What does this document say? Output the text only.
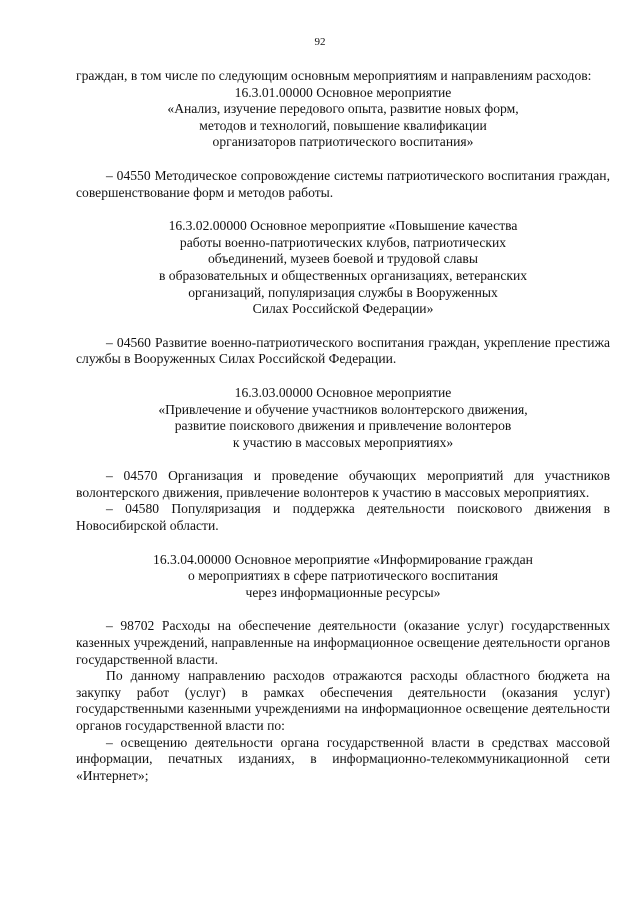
92

граждан, в том числе по следующим основным мероприятиям и направлениям расходов:

16.3.01.00000 Основное мероприятие
«Анализ, изучение передового опыта, развитие новых форм,
методов и технологий, повышение квалификации
организаторов патриотического воспитания»

– 04550 Методическое сопровождение системы патриотического воспитания граждан, совершенствование форм и методов работы.

16.3.02.00000 Основное мероприятие «Повышение качества
работы военно-патриотических клубов, патриотических
объединений, музеев боевой и трудовой славы
в образовательных и общественных организациях, ветеранских
организаций, популяризация службы в Вооруженных
Силах Российской Федерации»

– 04560 Развитие военно-патриотического воспитания граждан, укрепление престижа службы в Вооруженных Силах Российской Федерации.

16.3.03.00000 Основное мероприятие
«Привлечение и обучение участников волонтерского движения,
развитие поискового движения и привлечение волонтеров
к участию в массовых мероприятиях»

– 04570 Организация и проведение обучающих мероприятий для участников волонтерского движения, привлечение волонтеров к участию в массовых мероприятиях.

– 04580 Популяризация и поддержка деятельности поискового движения в Новосибирской области.

16.3.04.00000 Основное мероприятие «Информирование граждан
о мероприятиях в сфере патриотического воспитания
через информационные ресурсы»

– 98702 Расходы на обеспечение деятельности (оказание услуг) государственных казенных учреждений, направленные на информационное освещение деятельности органов государственной власти.

По данному направлению расходов отражаются расходы областного бюджета на закупку работ (услуг) в рамках обеспечения деятельности (оказания услуг) государственными казенными учреждениями на информационное освещение деятельности органов государственной власти по:

– освещению деятельности органа государственной власти в средствах массовой информации, печатных изданиях, в информационно-телекоммуникационной сети «Интернет»;
